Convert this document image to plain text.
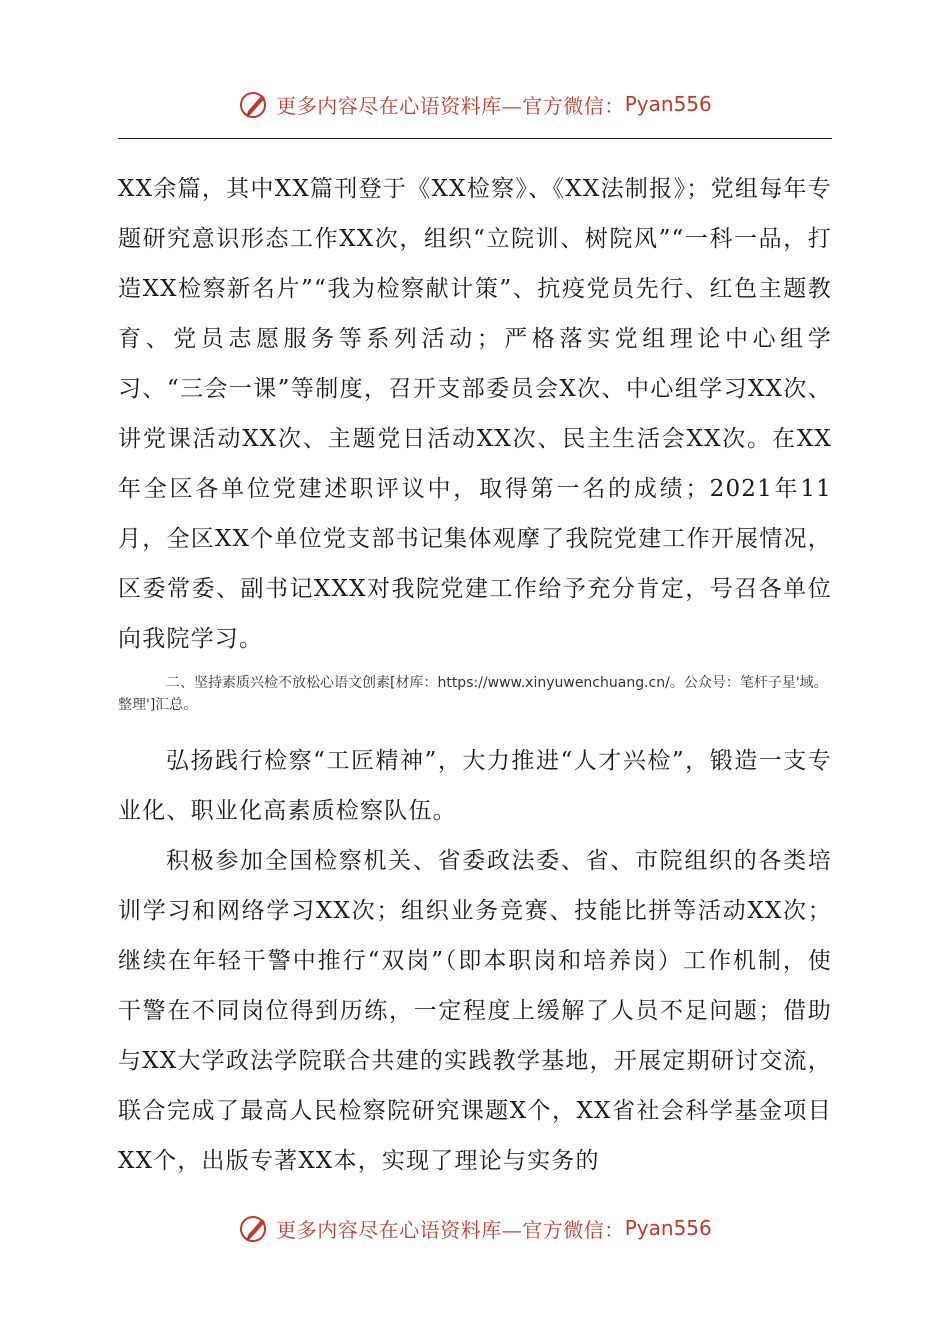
更多内容尽在心语资料库 —官方微信： Pyan556

XX余篇，其中XX篇刊登于《XX检察》、《XX法制报》；党组每年专题研究意识形态工作XX次，组织“立院训、树院风”“一科一品，打造XX检察新名片”“我为检察献计策”、抗疫党员先行、红色主题教育、党员志愿服务等系列活动；严格落实党组理论中心组学习、“三会一课”等制度，召开支部委员会X次、中心组学习XX次、讲党课活动XX次、主题党日活动XX次、民主生活会XX次。在XX年全区各单位党建述职评议中，取得第一名的成绩；2021年11月，全区XX个单位党支部书记集体观摩了我院党建工作开展情况，区委常委、副书记XXX对我院党建工作给予充分肯定，号召各单位向我院学习。

二、坚持素质兴检不放松心语文创素[材库：https://www.xinyuwenchuang.cn/。公众号：笔杆子星'域。整理']汇总。

弘扬践行检察“工匠精神”，大力推进“人才兴检”，锻造一支专业化、职业化高素质检察队伍。

积极参加全国检察机关、省委政法委、省、市院组织的各类培训学习和网络学习XX次；组织业务竞赛、技能比拼等活动XX次；继续在年轻干警中推行“双岗”（即本职岗和培养岗）工作机制，使干警在不同岗位得到历练，一定程度上缓解了人员不足问题；借助与XX大学政法学院联合共建的实践教学基地，开展定期研讨交流，联合完成了最高人民检察院研究课题X个，XX省社会科学基金项目XX个，出版专著XX本，实现了理论与实务的

更多内容尽在心语资料库 —官方微信： Pyan556
